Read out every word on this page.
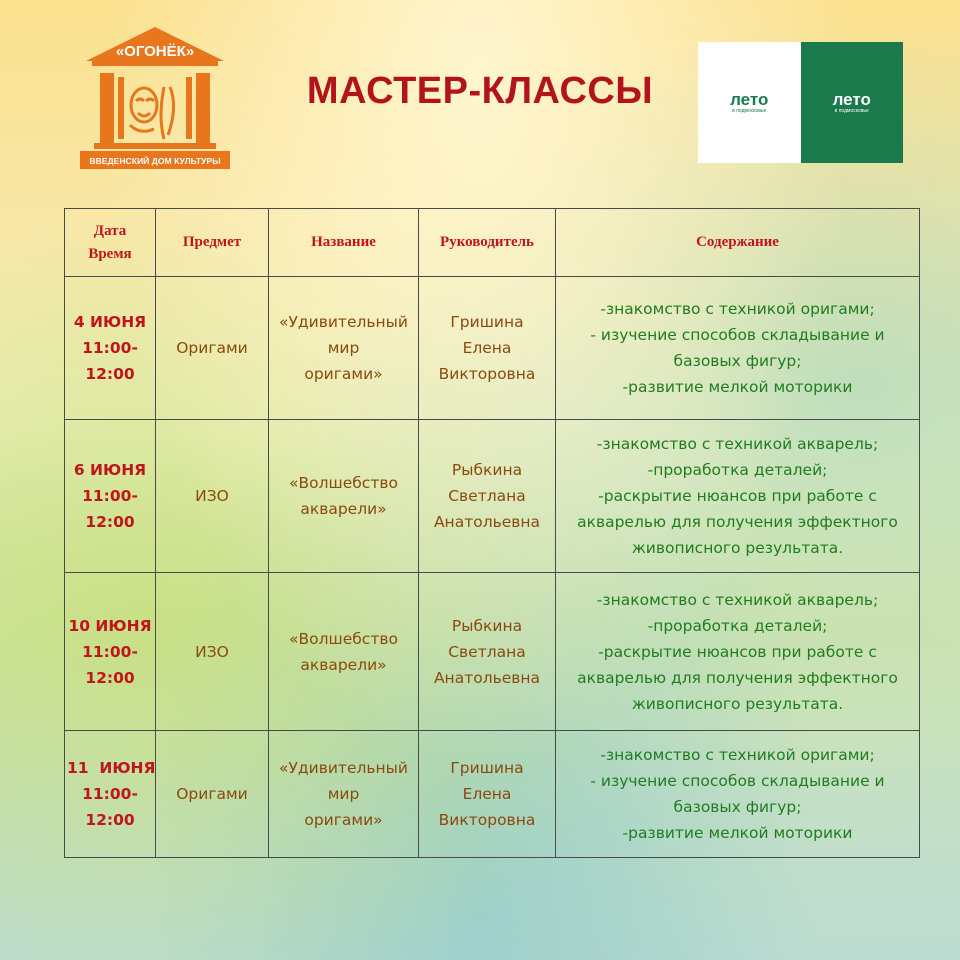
«ОГОНЁК»
ВВЕДЕНСКИЙ ДОМ КУЛЬТУРЫ
МАСТЕР-КЛАССЫ	лето
в подмосковье
лето
в подмосковье
Дата
Время	Предмет	Название	Руководитель	Содержание

4 ИЮНЯ
11:00-
12:00	Оригами	«Удивительный
мир
оригами»	Гришина
Елена
Викторовна	-знакомство с техникой оригами;
- изучение способов складывание и
базовых фигур;
-развитие мелкой моторики

6 ИЮНЯ
11:00-
12:00	ИЗО	«Волшебство
акварели»	Рыбкина
Светлана
Анатольевна	-знакомство с техникой акварель;
-проработка деталей;
-раскрытие нюансов при работе с
акварелью для получения эффектного
живописного результата.

10 ИЮНЯ
11:00-
12:00	ИЗО	«Волшебство
акварели»	Рыбкина
Светлана
Анатольевна	-знакомство с техникой акварель;
-проработка деталей;
-раскрытие нюансов при работе с
акварелью для получения эффектного
живописного результата.

11  ИЮНЯ
11:00-
12:00	Оригами	«Удивительный
мир
оригами»	Гришина
Елена
Викторовна	-знакомство с техникой оригами;
- изучение способов складывание и
базовых фигур;
-развитие мелкой моторики
